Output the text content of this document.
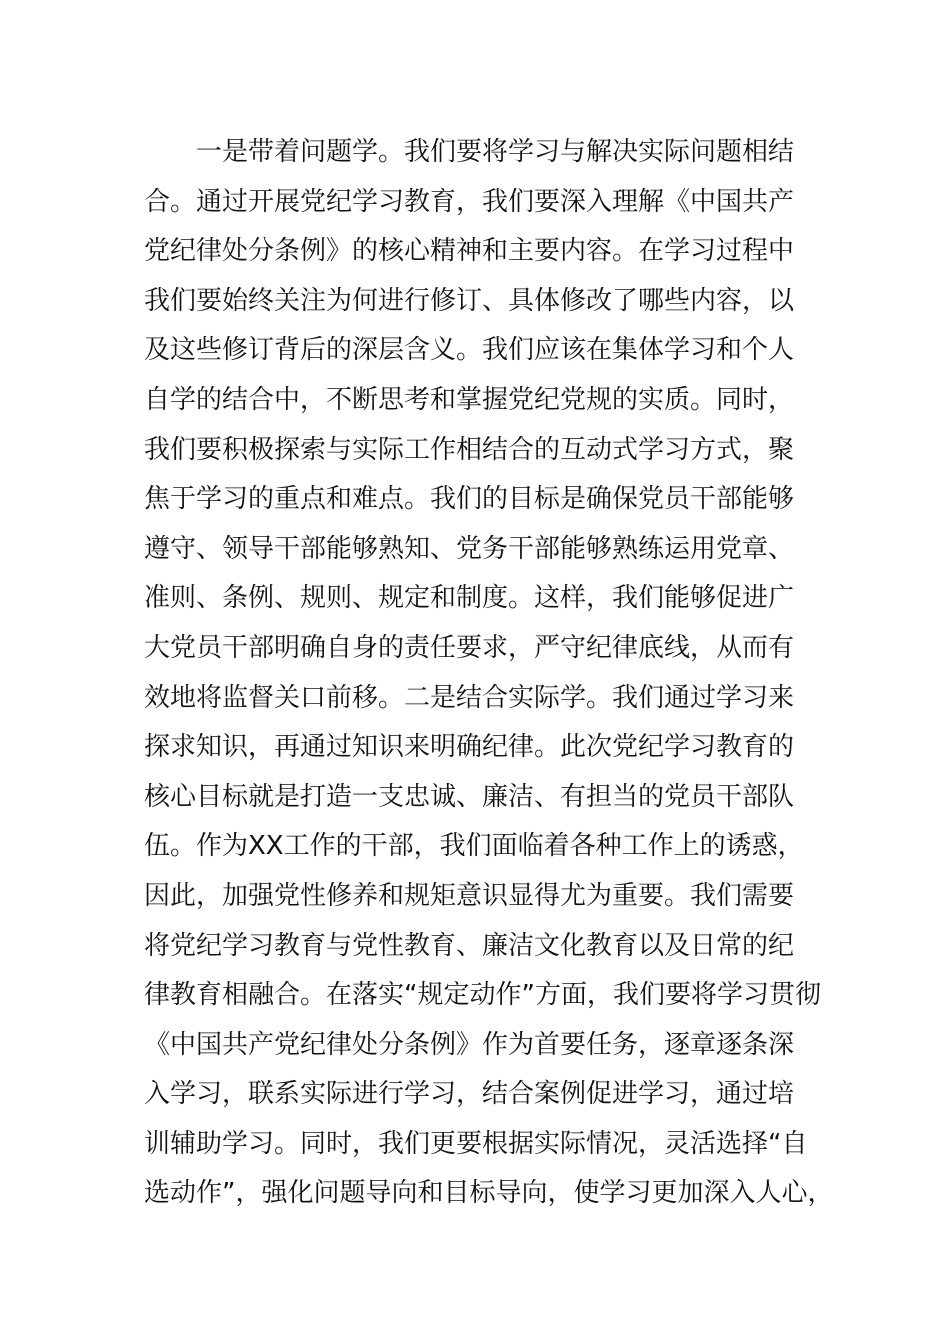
一是带着问题学。我们要将学习与解决实际问题相结
合。通过开展党纪学习教育，我们要深入理解《中国共产
党纪律处分条例》的核心精神和主要内容。在学习过程中
我们要始终关注为何进行修订、具体修改了哪些内容，以
及这些修订背后的深层含义。我们应该在集体学习和个人
自学的结合中，不断思考和掌握党纪党规的实质。同时，
我们要积极探索与实际工作相结合的互动式学习方式，聚
焦于学习的重点和难点。我们的目标是确保党员干部能够
遵守、领导干部能够熟知、党务干部能够熟练运用党章、
准则、条例、规则、规定和制度。这样，我们能够促进广
大党员干部明确自身的责任要求，严守纪律底线，从而有
效地将监督关口前移。二是结合实际学。我们通过学习来
探求知识，再通过知识来明确纪律。此次党纪学习教育的
核心目标就是打造一支忠诚、廉洁、有担当的党员干部队
伍。作为XX工作的干部，我们面临着各种工作上的诱惑，
因此，加强党性修养和规矩意识显得尤为重要。我们需要
将党纪学习教育与党性教育、廉洁文化教育以及日常的纪
律教育相融合。在落实“规定动作”方面，我们要将学习贯彻
《中国共产党纪律处分条例》作为首要任务，逐章逐条深
入学习，联系实际进行学习，结合案例促进学习，通过培
训辅助学习。同时，我们更要根据实际情况，灵活选择“自
选动作”，强化问题导向和目标导向，使学习更加深入人心，
